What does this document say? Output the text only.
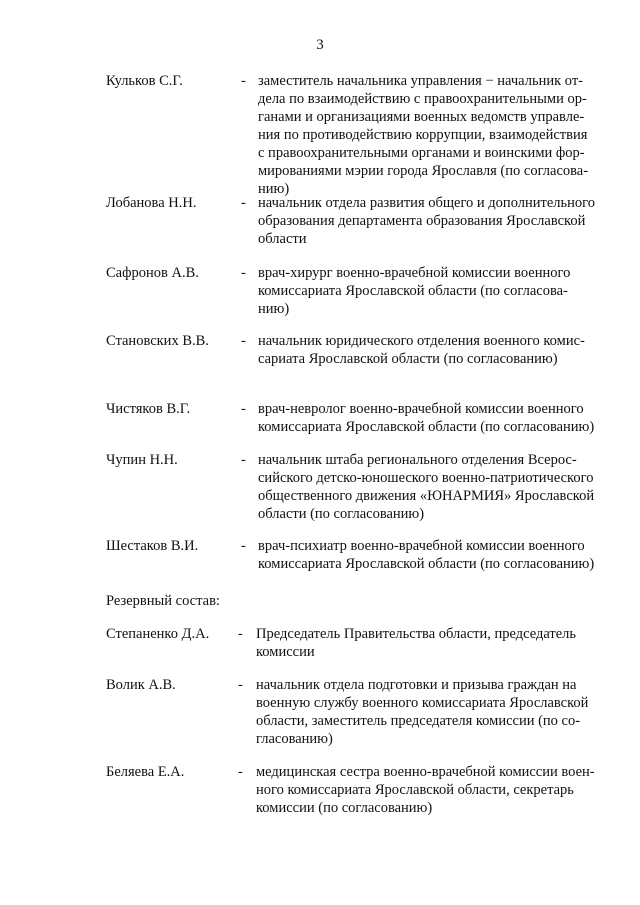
3
Кульков С.Г.	- заместитель начальника управления − начальник от-
дела по взаимодействию с правоохранительными ор-
ганами и организациями военных ведомств управле-
ния по противодействию коррупции, взаимодействия
с правоохранительными органами и воинскими фор-
мированиями мэрии города Ярославля (по согласова-
нию)
Лобанова Н.Н.	- начальник отдела развития общего и дополнительного
образования департамента образования Ярославской
области
Сафронов А.В.	- врач-хирург военно-врачебной комиссии военного
комиссариата Ярославской области (по согласова-
нию)
Становских В.В. - начальник юридического отделения военного комис-
сариата Ярославской области (по согласованию)
Чистяков В.Г.	- врач-невролог военно-врачебной комиссии военного
комиссариата Ярославской области (по согласованию)
Чупин Н.Н.	- начальник штаба регионального отделения Всерос-
сийского детско-юношеского военно-патриотического
общественного движения «ЮНАРМИЯ» Ярославской
области (по согласованию)
Шестаков В.И.	- врач-психиатр военно-врачебной комиссии военного
комиссариата Ярославской области (по согласованию)
Резервный состав:
Степаненко Д.А. - Председатель Правительства области, председатель
комиссии
Волик А.В.	- начальник отдела подготовки и призыва граждан на
военную службу военного комиссариата Ярославской
области, заместитель председателя комиссии (по со-
гласованию)
Беляева Е.А.	- медицинская сестра военно-врачебной комиссии воен-
ного комиссариата Ярославской области, секретарь
комиссии (по согласованию)
